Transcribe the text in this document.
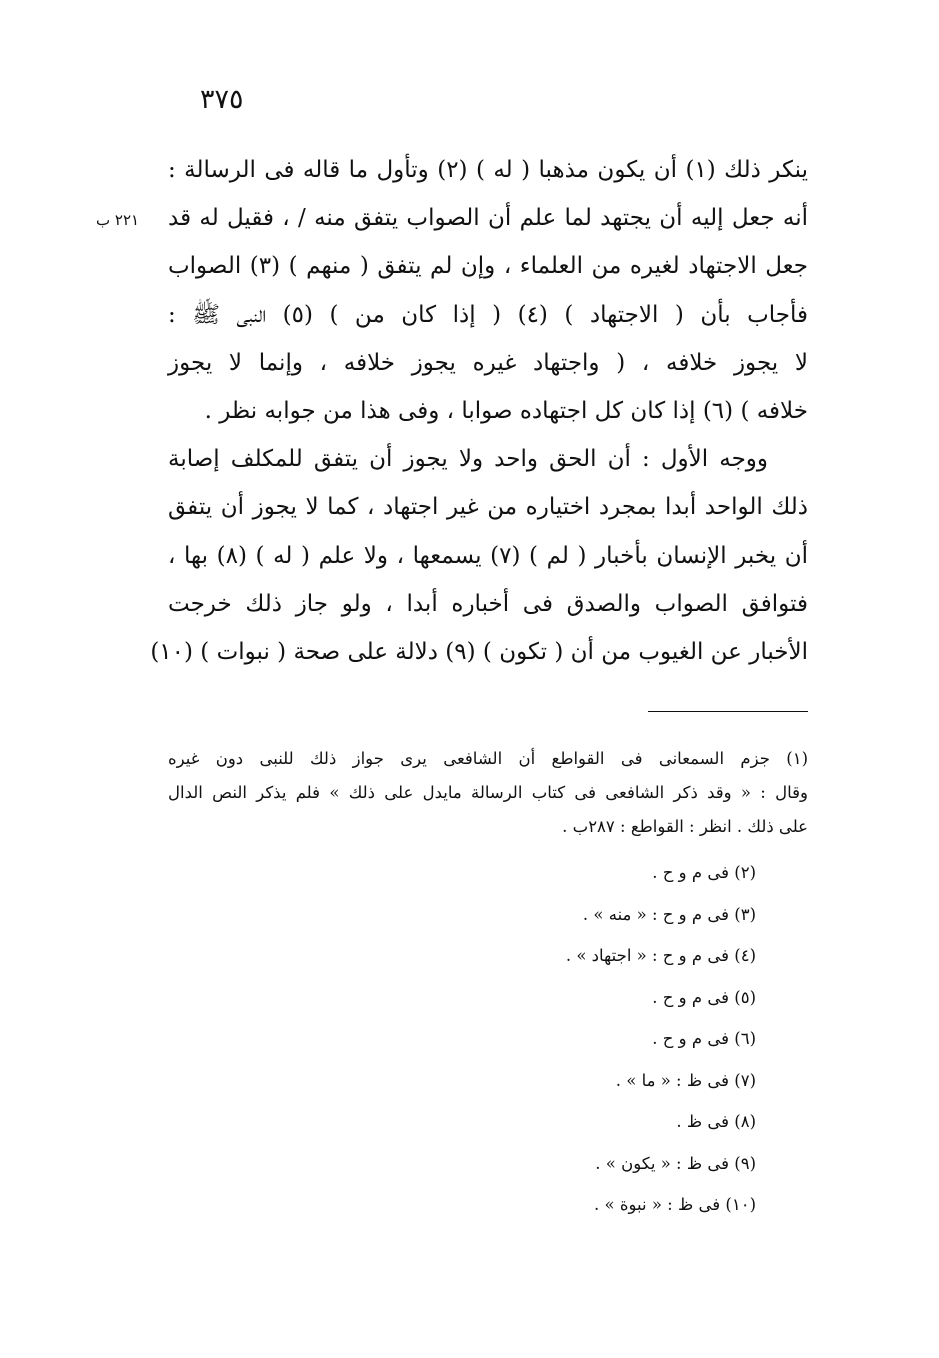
٣٧٥
٢٢١ ب
ينكر ذلك (١) أن يكون مذهبا ( له ) (٢) وتأول ما قاله فى الرسالة :
أنه جعل إليه أن يجتهد لما علم أن الصواب يتفق منه / ، فقيل له قد
جعل الاجتهاد لغيره من العلماء ، وإن لم يتفق ( منهم ) (٣) الصواب
فأجاب بأن ( الاجتهاد ) (٤) ( إذا كان من ) (٥) النبى ﷺ :
لا يجوز خلافه ، ( واجتهاد غيره يجوز خلافه ، وإنما لا يجوز
خلافه ) (٦) إذا كان كل اجتهاده صوابا ، وفى هذا من جوابه نظر .
ووجه الأول : أن الحق واحد ولا يجوز أن يتفق للمكلف إصابة
ذلك الواحد أبدا بمجرد اختياره من غير اجتهاد ، كما لا يجوز أن يتفق
أن يخبر الإنسان بأخبار ( لم ) (٧) يسمعها ، ولا علم ( له ) (٨) بها ،
فتوافق الصواب والصدق فى أخباره أبدا ، ولو جاز ذلك خرجت
الأخبار عن الغيوب من أن ( تكون ) (٩) دلالة على صحة ( نبوات ) (١٠)
(١) جزم السمعانى فى القواطع أن الشافعى يرى جواز ذلك للنبى دون غيره
وقال : « وقد ذكر الشافعى فى كتاب الرسالة مايدل على ذلك » فلم يذكر النص الدال
على ذلك . انظر : القواطع : ٢٨٧ب .
(٢) فى م و ح .
(٣) فى م و ح : « منه » .
(٤) فى م و ح : « اجتهاد » .
(٥) فى م و ح .
(٦) فى م و ح .
(٧) فى ظ : « ما » .
(٨) فى ظ .
(٩) فى ظ : « يكون » .
(١٠) فى ظ : « نبوة » .
